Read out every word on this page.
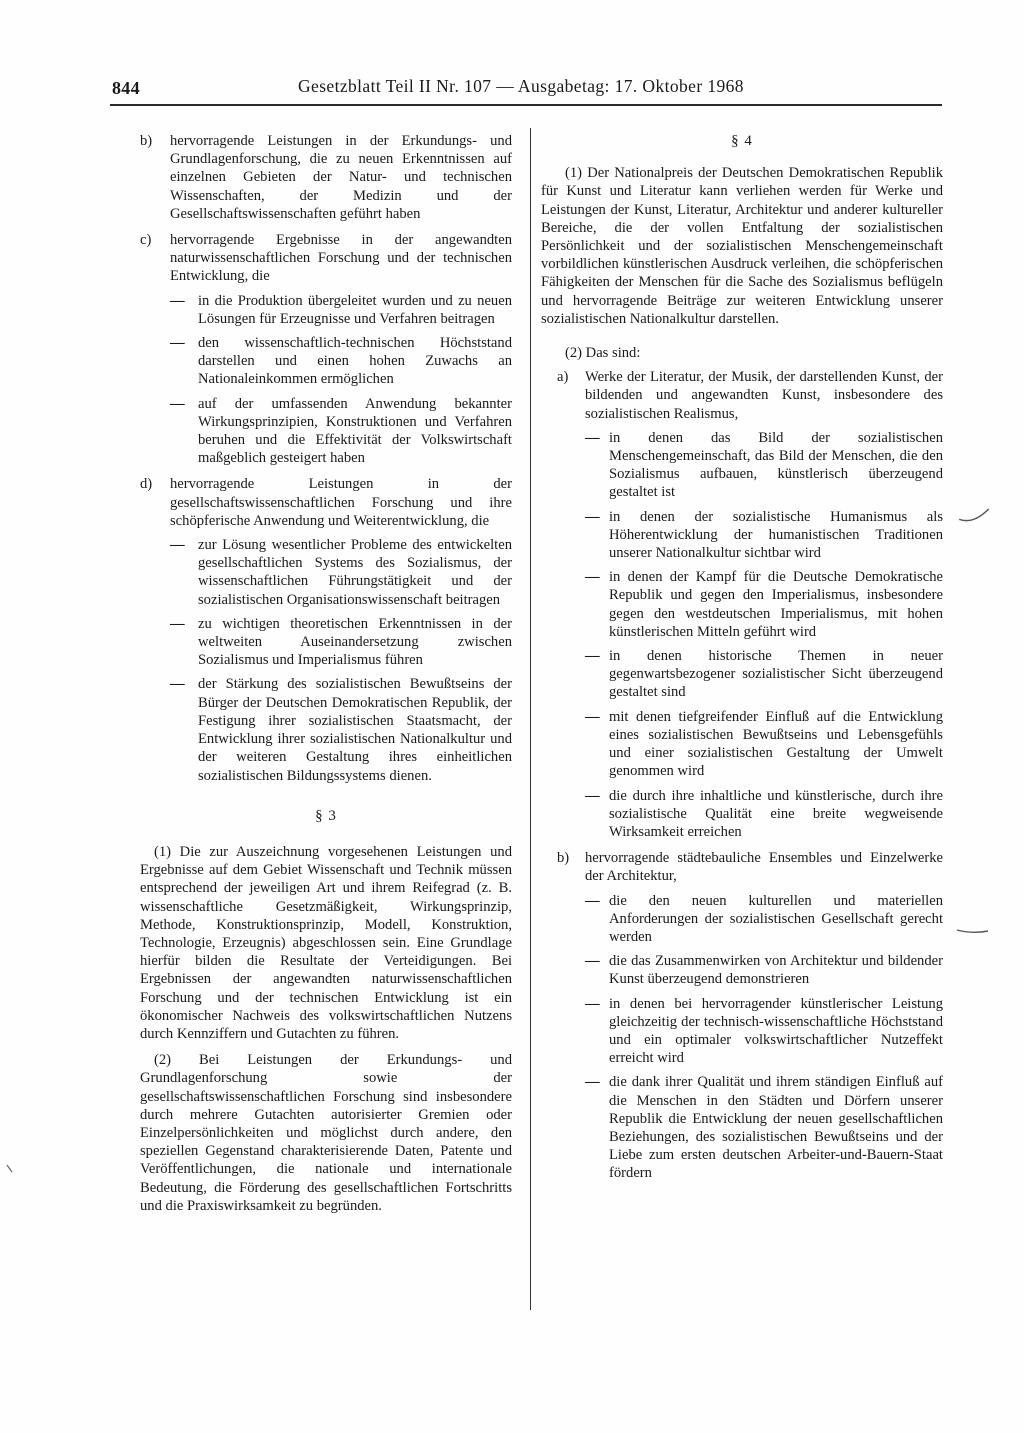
844	Gesetzblatt Teil II Nr. 107 — Ausgabetag: 17. Oktober 1968
b) hervorragende Leistungen in der Erkundungs- und Grundlagenforschung, die zu neuen Erkenntnissen auf einzelnen Gebieten der Natur- und technischen Wissenschaften, der Medizin und der Gesellschaftswissenschaften geführt haben
c) hervorragende Ergebnisse in der angewandten naturwissenschaftlichen Forschung und der technischen Entwicklung, die
— in die Produktion übergeleitet wurden und zu neuen Lösungen für Erzeugnisse und Verfahren beitragen
— den wissenschaftlich-technischen Höchststand darstellen und einen hohen Zuwachs an Nationaleinkommen ermöglichen
— auf der umfassenden Anwendung bekannter Wirkungsprinzipien, Konstruktionen und Verfahren beruhen und die Effektivität der Volkswirtschaft maßgeblich gesteigert haben
d) hervorragende Leistungen in der gesellschaftswissenschaftlichen Forschung und ihre schöpferische Anwendung und Weiterentwicklung, die
— zur Lösung wesentlicher Probleme des entwickelten gesellschaftlichen Systems des Sozialismus, der wissenschaftlichen Führungstätigkeit und der sozialistischen Organisationswissenschaft beitragen
— zu wichtigen theoretischen Erkenntnissen in der weltweiten Auseinandersetzung zwischen Sozialismus und Imperialismus führen
— der Stärkung des sozialistischen Bewußtseins der Bürger der Deutschen Demokratischen Republik, der Festigung ihrer sozialistischen Staatsmacht, der Entwicklung ihrer sozialistischen Nationalkultur und der weiteren Gestaltung ihres einheitlichen sozialistischen Bildungssystems dienen.
§ 3
(1) Die zur Auszeichnung vorgesehenen Leistungen und Ergebnisse auf dem Gebiet Wissenschaft und Technik müssen entsprechend der jeweiligen Art und ihrem Reifegrad (z. B. wissenschaftliche Gesetzmäßigkeit, Wirkungsprinzip, Methode, Konstruktionsprinzip, Modell, Konstruktion, Technologie, Erzeugnis) abgeschlossen sein. Eine Grundlage hierfür bilden die Resultate der Verteidigungen. Bei Ergebnissen der angewandten naturwissenschaftlichen Forschung und der technischen Entwicklung ist ein ökonomischer Nachweis des volkswirtschaftlichen Nutzens durch Kennziffern und Gutachten zu führen.
(2) Bei Leistungen der Erkundungs- und Grundlagenforschung sowie der gesellschaftswissenschaftlichen Forschung sind insbesondere durch mehrere Gutachten autorisierter Gremien oder Einzelpersönlichkeiten und möglichst durch andere, den speziellen Gegenstand charakterisierende Daten, Patente und Veröffentlichungen, die nationale und internationale Bedeutung, die Förderung des gesellschaftlichen Fortschritts und die Praxiswirksamkeit zu begründen.
§ 4
(1) Der Nationalpreis der Deutschen Demokratischen Republik für Kunst und Literatur kann verliehen werden für Werke und Leistungen der Kunst, Literatur, Architektur und anderer kultureller Bereiche, die der vollen Entfaltung der sozialistischen Persönlichkeit und der sozialistischen Menschengemeinschaft vorbildlichen künstlerischen Ausdruck verleihen, die schöpferischen Fähigkeiten der Menschen für die Sache des Sozialismus beflügeln und hervorragende Beiträge zur weiteren Entwicklung unserer sozialistischen Nationalkultur darstellen.
(2) Das sind:
a) Werke der Literatur, der Musik, der darstellenden Kunst, der bildenden und angewandten Kunst, insbesondere des sozialistischen Realismus,
— in denen das Bild der sozialistischen Menschengemeinschaft, das Bild der Menschen, die den Sozialismus aufbauen, künstlerisch überzeugend gestaltet ist
— in denen der sozialistische Humanismus als Höherentwicklung der humanistischen Traditionen unserer Nationalkultur sichtbar wird
— in denen der Kampf für die Deutsche Demokratische Republik und gegen den Imperialismus, insbesondere gegen den westdeutschen Imperialismus, mit hohen künstlerischen Mitteln geführt wird
— in denen historische Themen in neuer gegenwartsbezogener sozialistischer Sicht überzeugend gestaltet sind
— mit denen tiefgreifender Einfluß auf die Entwicklung eines sozialistischen Bewußtseins und Lebensgefühls und einer sozialistischen Gestaltung der Umwelt genommen wird
— die durch ihre inhaltliche und künstlerische, durch ihre sozialistische Qualität eine breite wegweisende Wirksamkeit erreichen
b) hervorragende städtebauliche Ensembles und Einzelwerke der Architektur,
— die den neuen kulturellen und materiellen Anforderungen der sozialistischen Gesellschaft gerecht werden
— die das Zusammenwirken von Architektur und bildender Kunst überzeugend demonstrieren
— in denen bei hervorragender künstlerischer Leistung gleichzeitig der technisch-wissenschaftliche Höchststand und ein optimaler volkswirtschaftlicher Nutzeffekt erreicht wird
— die dank ihrer Qualität und ihrem ständigen Einfluß auf die Menschen in den Städten und Dörfern unserer Republik die Entwicklung der neuen gesellschaftlichen Beziehungen, des sozialistischen Bewußtseins und der Liebe zum ersten deutschen Arbeiter-und-Bauern-Staat fördern
